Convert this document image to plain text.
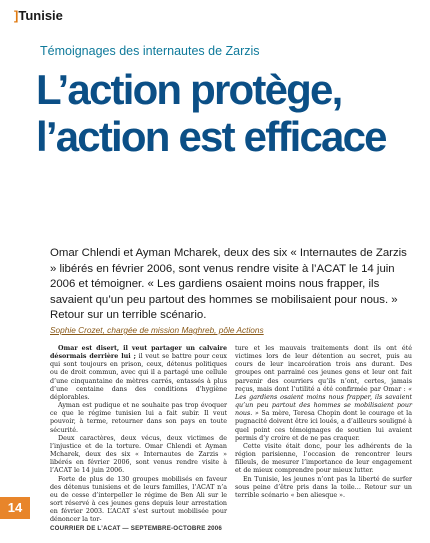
]Tunisie
Témoignages des internautes de Zarzis
L’action protège,
l’action est efficace

Omar Chlendi et Ayman Mcharek, deux des six « Internautes de Zarzis » libérés en février 2006, sont venus rendre visite à l’ACAT le 14 juin 2006 et témoigner. « Les gardiens osaient moins nous frapper, ils savaient qu’un peu partout des hommes se mobilisaient pour nous. » Retour sur un terrible scénario.

Sophie Crozet, chargée de mission Maghreb, pôle Actions

Omar est disert, il veut partager un calvaire désormais derrière lui ; il veut se battre pour ceux qui sont toujours en prison, ceux, détenus politiques ou de droit commun, avec qui il a partagé une cellule d’une cinquantaine de mètres carrés, entassés à plus d’une centaine dans des conditions d’hygiène déplorables.

Ayman est pudique et ne souhaite pas trop évoquer ce que le régime tunisien lui a fait subir. Il veut pouvoir, à terme, retourner dans son pays en toute sécurité.

Deux caractères, deux vécus, deux victimes de l’injustice et de la torture. Omar Chlendi et Ayman Mcharek, deux des six « Internautes de Zarzis » libérés en février 2006, sont venus rendre visite à l’ACAT le 14 juin 2006.

Forte de plus de 130 groupes mobilisés en faveur des détenus tunisiens et de leurs familles, l’ACAT n’a eu de cesse d’interpeller le régime de Ben Ali sur le sort réservé à ces jeunes gens depuis leur arrestation en février 2003. L’ACAT s’est surtout mobilisée pour dénoncer la tor-

ture et les mauvais traitements dont ils ont été victimes lors de leur détention au secret, puis au cours de leur incarcération trois ans durant. Des groupes ont parrainé ces jeunes gens et leur ont fait parvenir des courriers qu’ils n’ont, certes, jamais reçus, mais dont l’utilité a été confirmée par Omar : « Les gardiens osaient moins nous frapper, ils savaient qu’un peu partout des hommes se mobilisaient pour nous. » Sa mère, Teresa Chopin dont le courage et la pugnacité doivent être ici loués, a d’ailleurs souligné à quel point ces témoignages de soutien lui avaient permis d’y croire et de ne pas craquer.

Cette visite était donc, pour les adhérents de la région parisienne, l’occasion de rencontrer leurs filleuls, de mesurer l’importance de leur engagement et de mieux comprendre pour mieux lutter.

En Tunisie, les jeunes n’ont pas la liberté de surfer sous peine d’être pris dans la toile… Retour sur un terrible scénario « ben aliesque ».

14
COURRIER DE L’ACAT — SEPTEMBRE-OCTOBRE 2006
